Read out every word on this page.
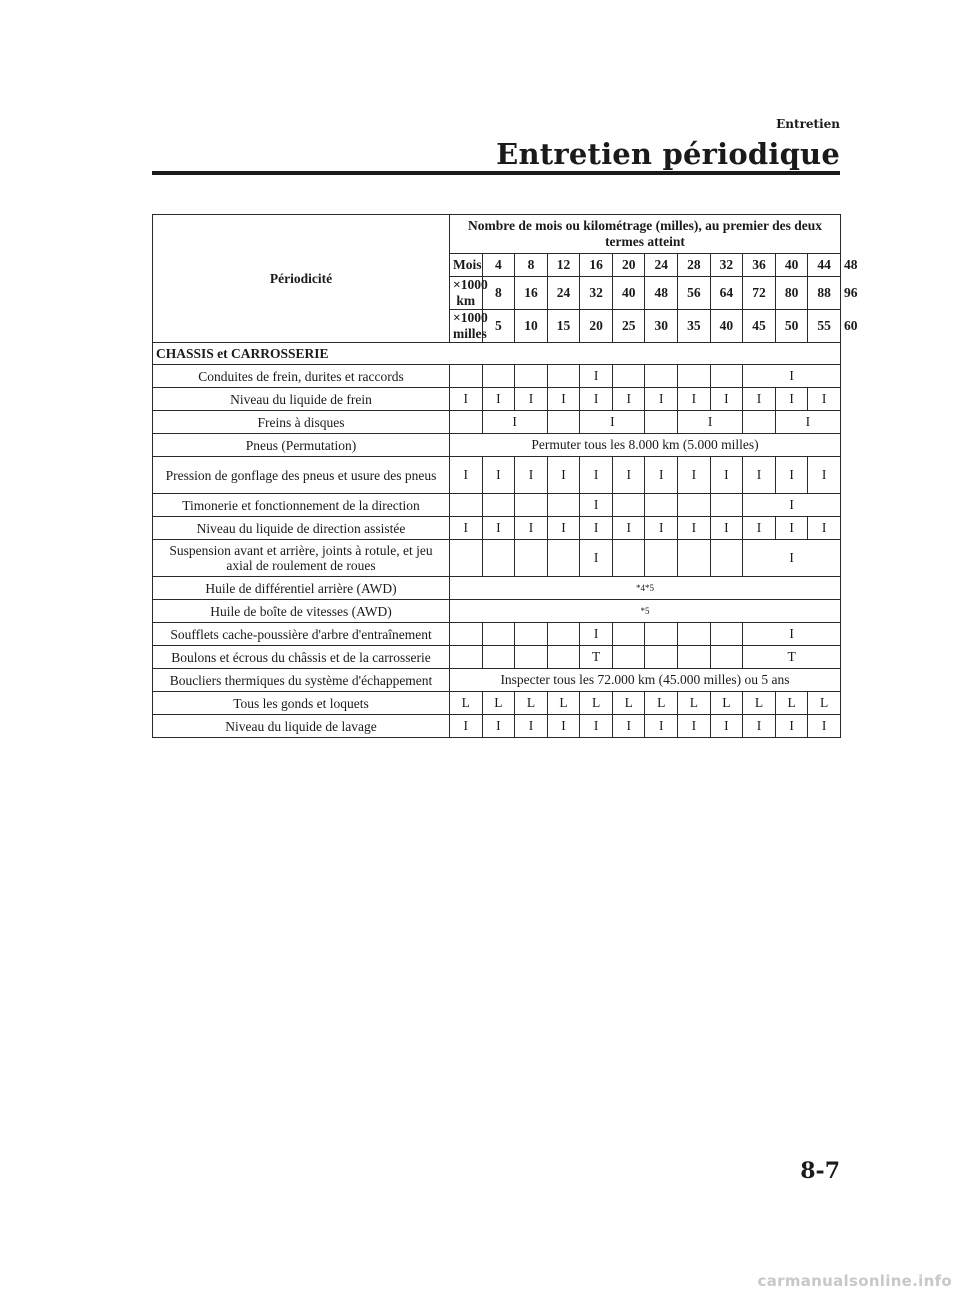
Entretien
Entretien périodique
Périodicité	Nombre de mois ou kilométrage (milles), au premier des deux termes atteint												
	Mois	4	8	12	16	20	24	28	32	36	40	44	48
	×1000 km	8	16	24	32	40	48	56	64	72	80	88	96
	×1000 milles	5	10	15	20	25	30	35	40	45	50	55	60
CHASSIS et CARROSSERIE													
Conduites de frein, durites et raccords					I					I			
Niveau du liquide de frein	I	I	I	I	I	I	I	I	I	I	I	I	
Freins à disques		I			I			I			I		
Pneus (Permutation)	Permuter tous les 8.000 km (5.000 milles)												
Pression de gonflage des pneus et usure des pneus	I	I	I	I	I	I	I	I	I	I	I	I	
Timonerie et fonctionnement de la direction					I					I			
Niveau du liquide de direction assistée	I	I	I	I	I	I	I	I	I	I	I	I	
Suspension avant et arrière, joints à rotule, et jeu axial de roulement de roues					I					I			
Huile de différentiel arrière (AWD)	*4*5												
Huile de boîte de vitesses (AWD)	*5												
Soufflets cache-poussière d'arbre d'entraînement					I					I			
Boulons et écrous du châssis et de la carrosserie					T					T			
Boucliers thermiques du système d'échappement	Inspecter tous les 72.000 km (45.000 milles) ou 5 ans												
Tous les gonds et loquets	L	L	L	L	L	L	L	L	L	L	L	L	
Niveau du liquide de lavage	I	I	I	I	I	I	I	I	I	I	I	I	
8-7
carmanualsonline.info
